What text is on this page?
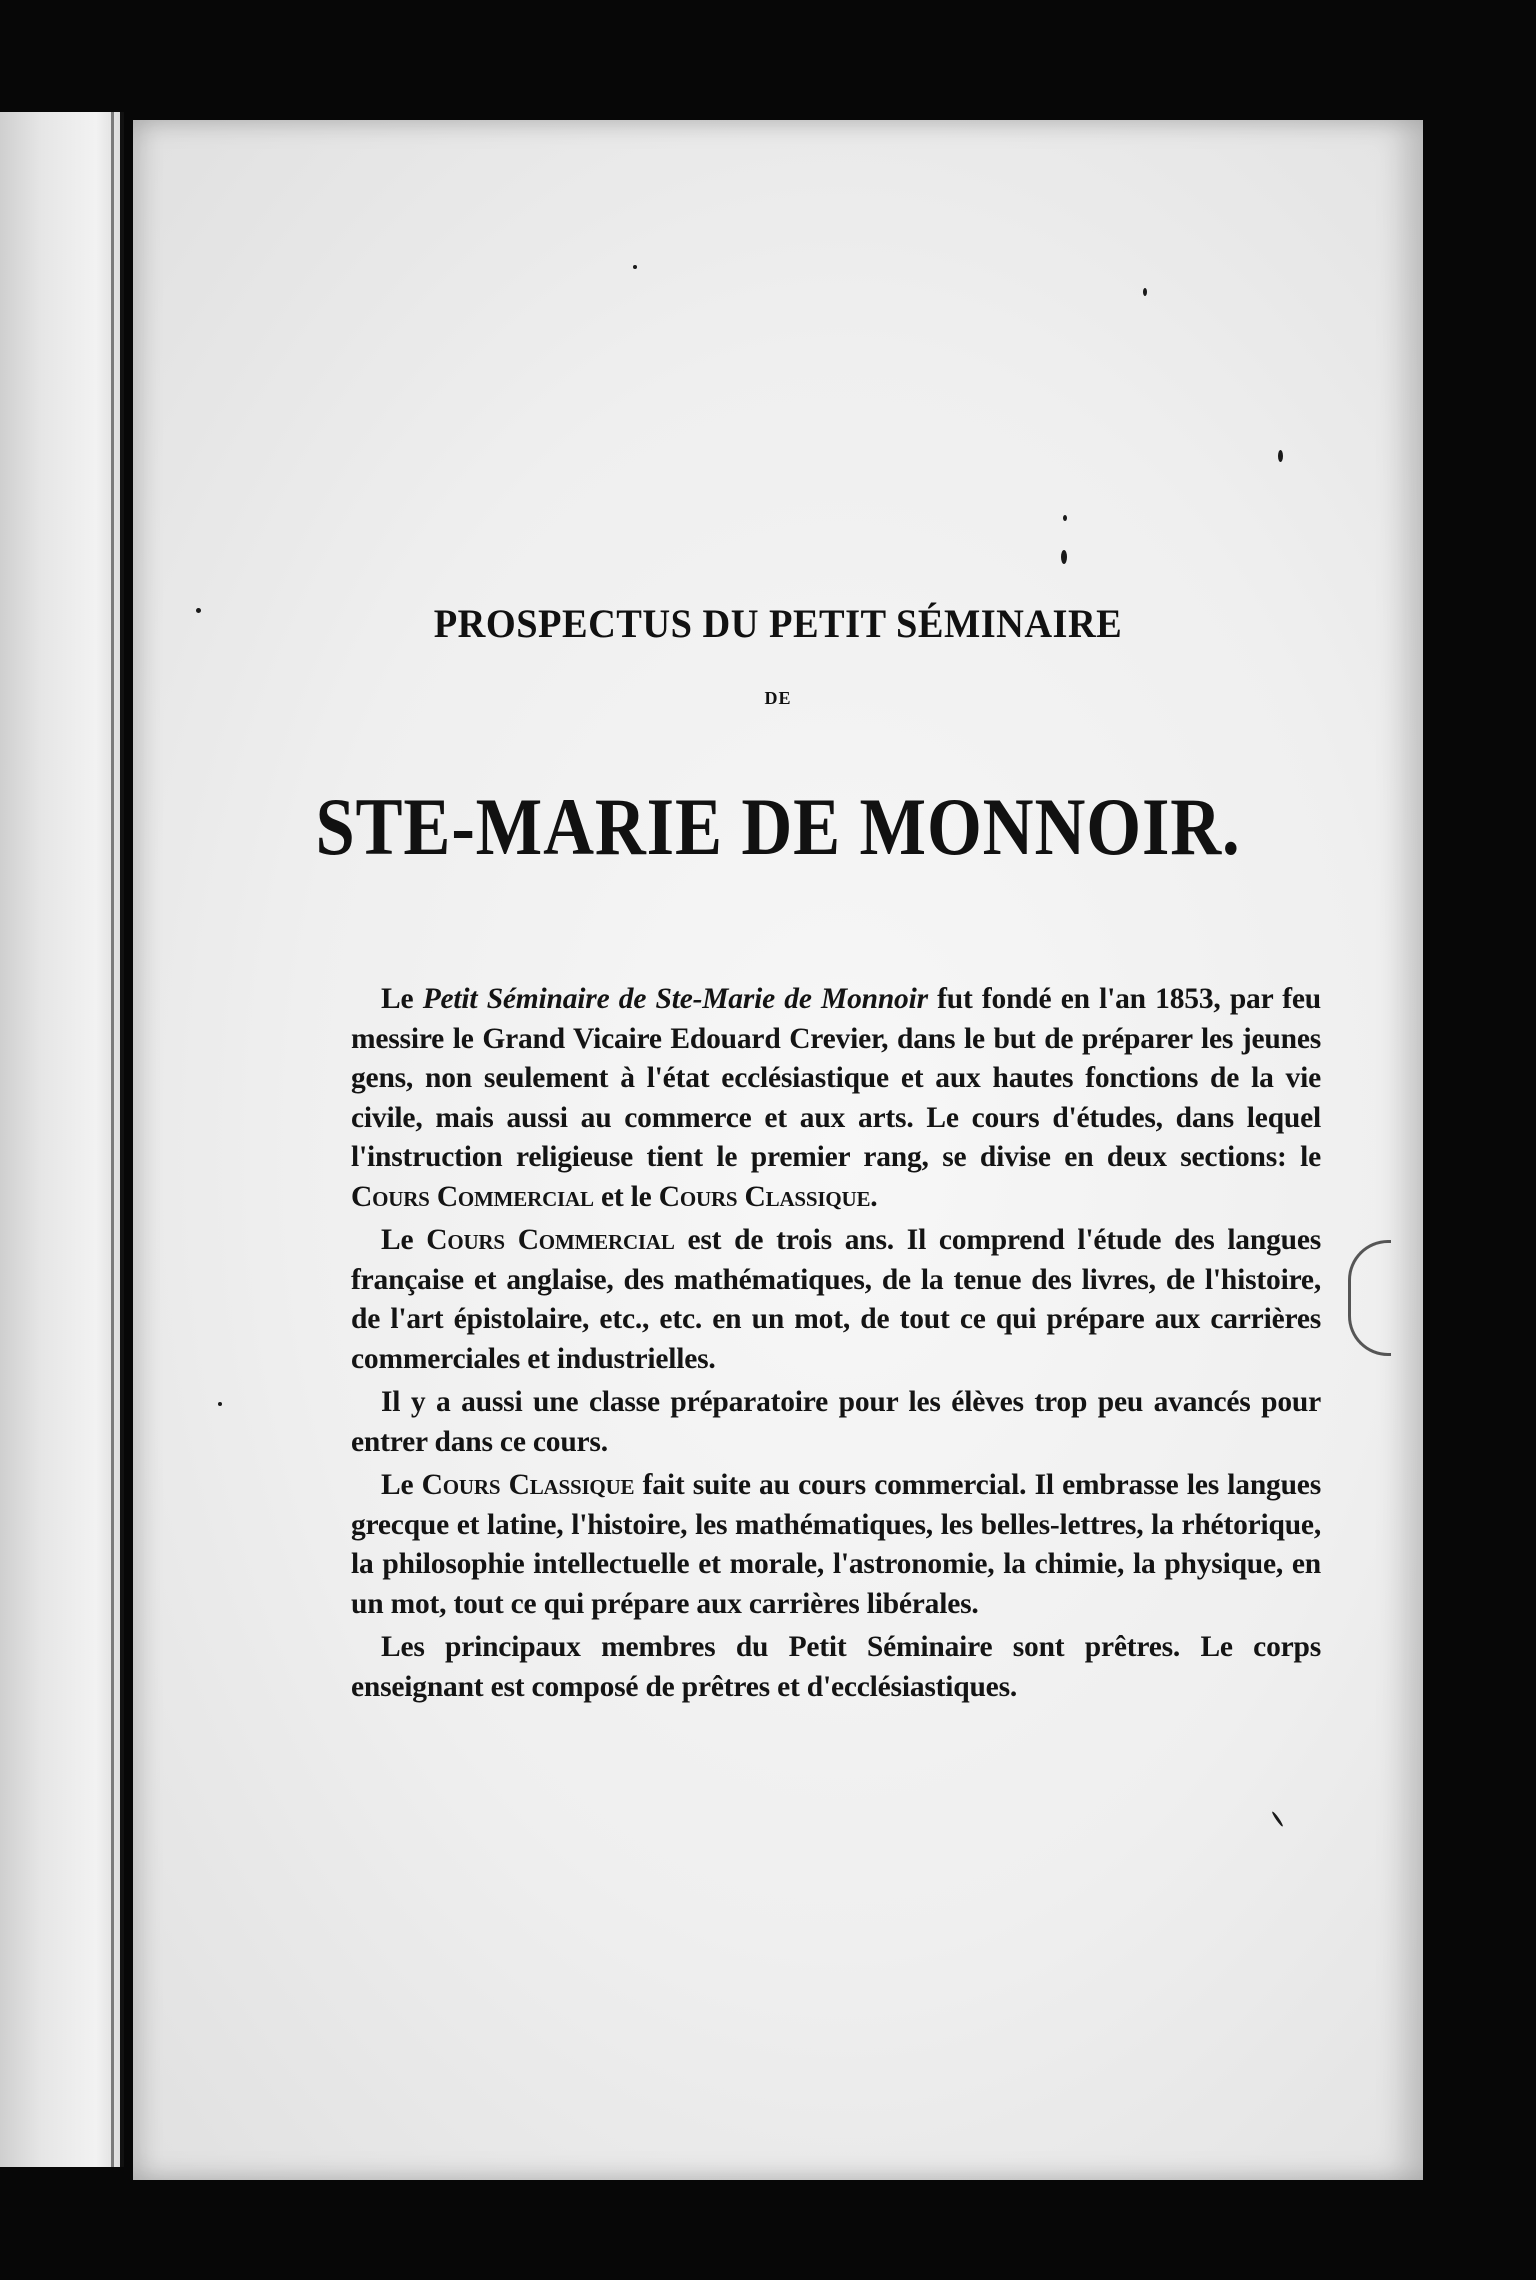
PROSPECTUS DU PETIT SÉMINAIRE
DE
STE-MARIE DE MONNOIR.

Le Petit Séminaire de Ste-Marie de Monnoir fut fondé en l'an 1853, par feu messire le Grand Vicaire Edouard Crevier, dans le but de préparer les jeunes gens, non seulement à l'état ecclésiastique et aux hautes fonctions de la vie civile, mais aussi au commerce et aux arts. Le cours d'études, dans lequel l'instruction religieuse tient le premier rang, se divise en deux sections: le Cours Commercial et le Cours Classique.

Le Cours Commercial est de trois ans. Il comprend l'étude des langues française et anglaise, des mathématiques, de la tenue des livres, de l'histoire, de l'art épistolaire, etc., etc. en un mot, de tout ce qui prépare aux carrières commerciales et industrielles.

Il y a aussi une classe préparatoire pour les élèves trop peu avancés pour entrer dans ce cours.

Le Cours Classique fait suite au cours commercial. Il embrasse les langues grecque et latine, l'histoire, les mathématiques, les belles-lettres, la rhétorique, la philosophie intellectuelle et morale, l'astronomie, la chimie, la physique, en un mot, tout ce qui prépare aux carrières libérales.

Les principaux membres du Petit Séminaire sont prêtres. Le corps enseignant est composé de prêtres et d'ecclésiastiques.
